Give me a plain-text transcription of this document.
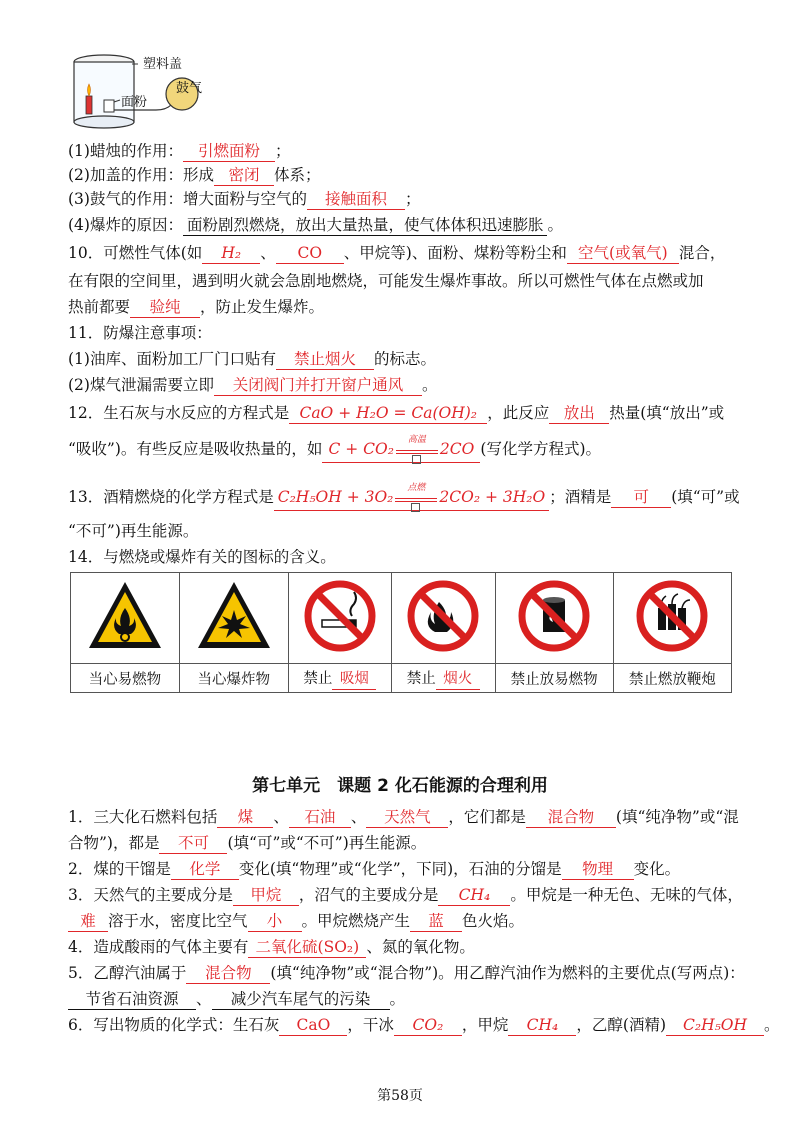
塑料盖
面粉
鼓气
(1)蜡烛的作用： 引燃面粉 ；
(2)加盖的作用：形成 密闭 体系；
(3)鼓气的作用：增大面粉与空气的 接触面积 ；
(4)爆炸的原因： 面粉剧烈燃烧，放出大量热量，使气体体积迅速膨胀 。
10．可燃性气体(如 H₂ 、 CO 、甲烷等)、面粉、煤粉等粉尘和 空气(或氧气) 混合，
在有限的空间里，遇到明火就会急剧地燃烧，可能发生爆炸事故。所以可燃性气体在点燃或加
热前都要 验纯 ，防止发生爆炸。
11．防爆注意事项：
(1)油库、面粉加工厂门口贴有 禁止烟火 的标志。
(2)煤气泄漏需要立即 关闭阀门并打开窗户通风 。
12．生石灰与水反应的方程式是 CaO + H₂O = Ca(OH)₂ ，此反应 放出 热量(填“放出”或
“吸收”)。有些反应是吸收热量的，如 C + CO₂	高温 2CO (写化学方程式)。
13．酒精燃烧的化学方程式是 C₂H₅OH + 3O₂	点燃 2CO₂ + 3H₂O ；酒精是 可 (填“可”或
“不可”)再生能源。
14．与燃烧或爆炸有关的图标的含义。

当心易燃物	当心爆炸物	禁止 吸烟	禁止 烟火	禁止放易燃物	禁止燃放鞭炮
第七单元　课题 2 化石能源的合理利用
1．三大化石燃料包括 煤 、 石油 、 天然气 ，它们都是 混合物 (填“纯净物”或“混
合物”)，都是 不可 (填“可”或“不可”)再生能源。
2．煤的干馏是 化学 变化(填“物理”或“化学”，下同)，石油的分馏是 物理 变化。
3．天然气的主要成分是 甲烷 ，沼气的主要成分是 CH₄ 。甲烷是一种无色、无味的气体，
难 溶于水，密度比空气 小 。甲烷燃烧产生 蓝 色火焰。
4．造成酸雨的气体主要有 二氧化硫(SO₂) 、氮的氧化物。
5．乙醇汽油属于 混合物 (填“纯净物”或“混合物”)。用乙醇汽油作为燃料的主要优点(写两点)：
节省石油资源 、 减少汽车尾气的污染 。
6．写出物质的化学式：生石灰 CaO ，干冰 CO₂ ，甲烷 CH₄ ，乙醇(酒精) C₂H₅OH 。
第58页
